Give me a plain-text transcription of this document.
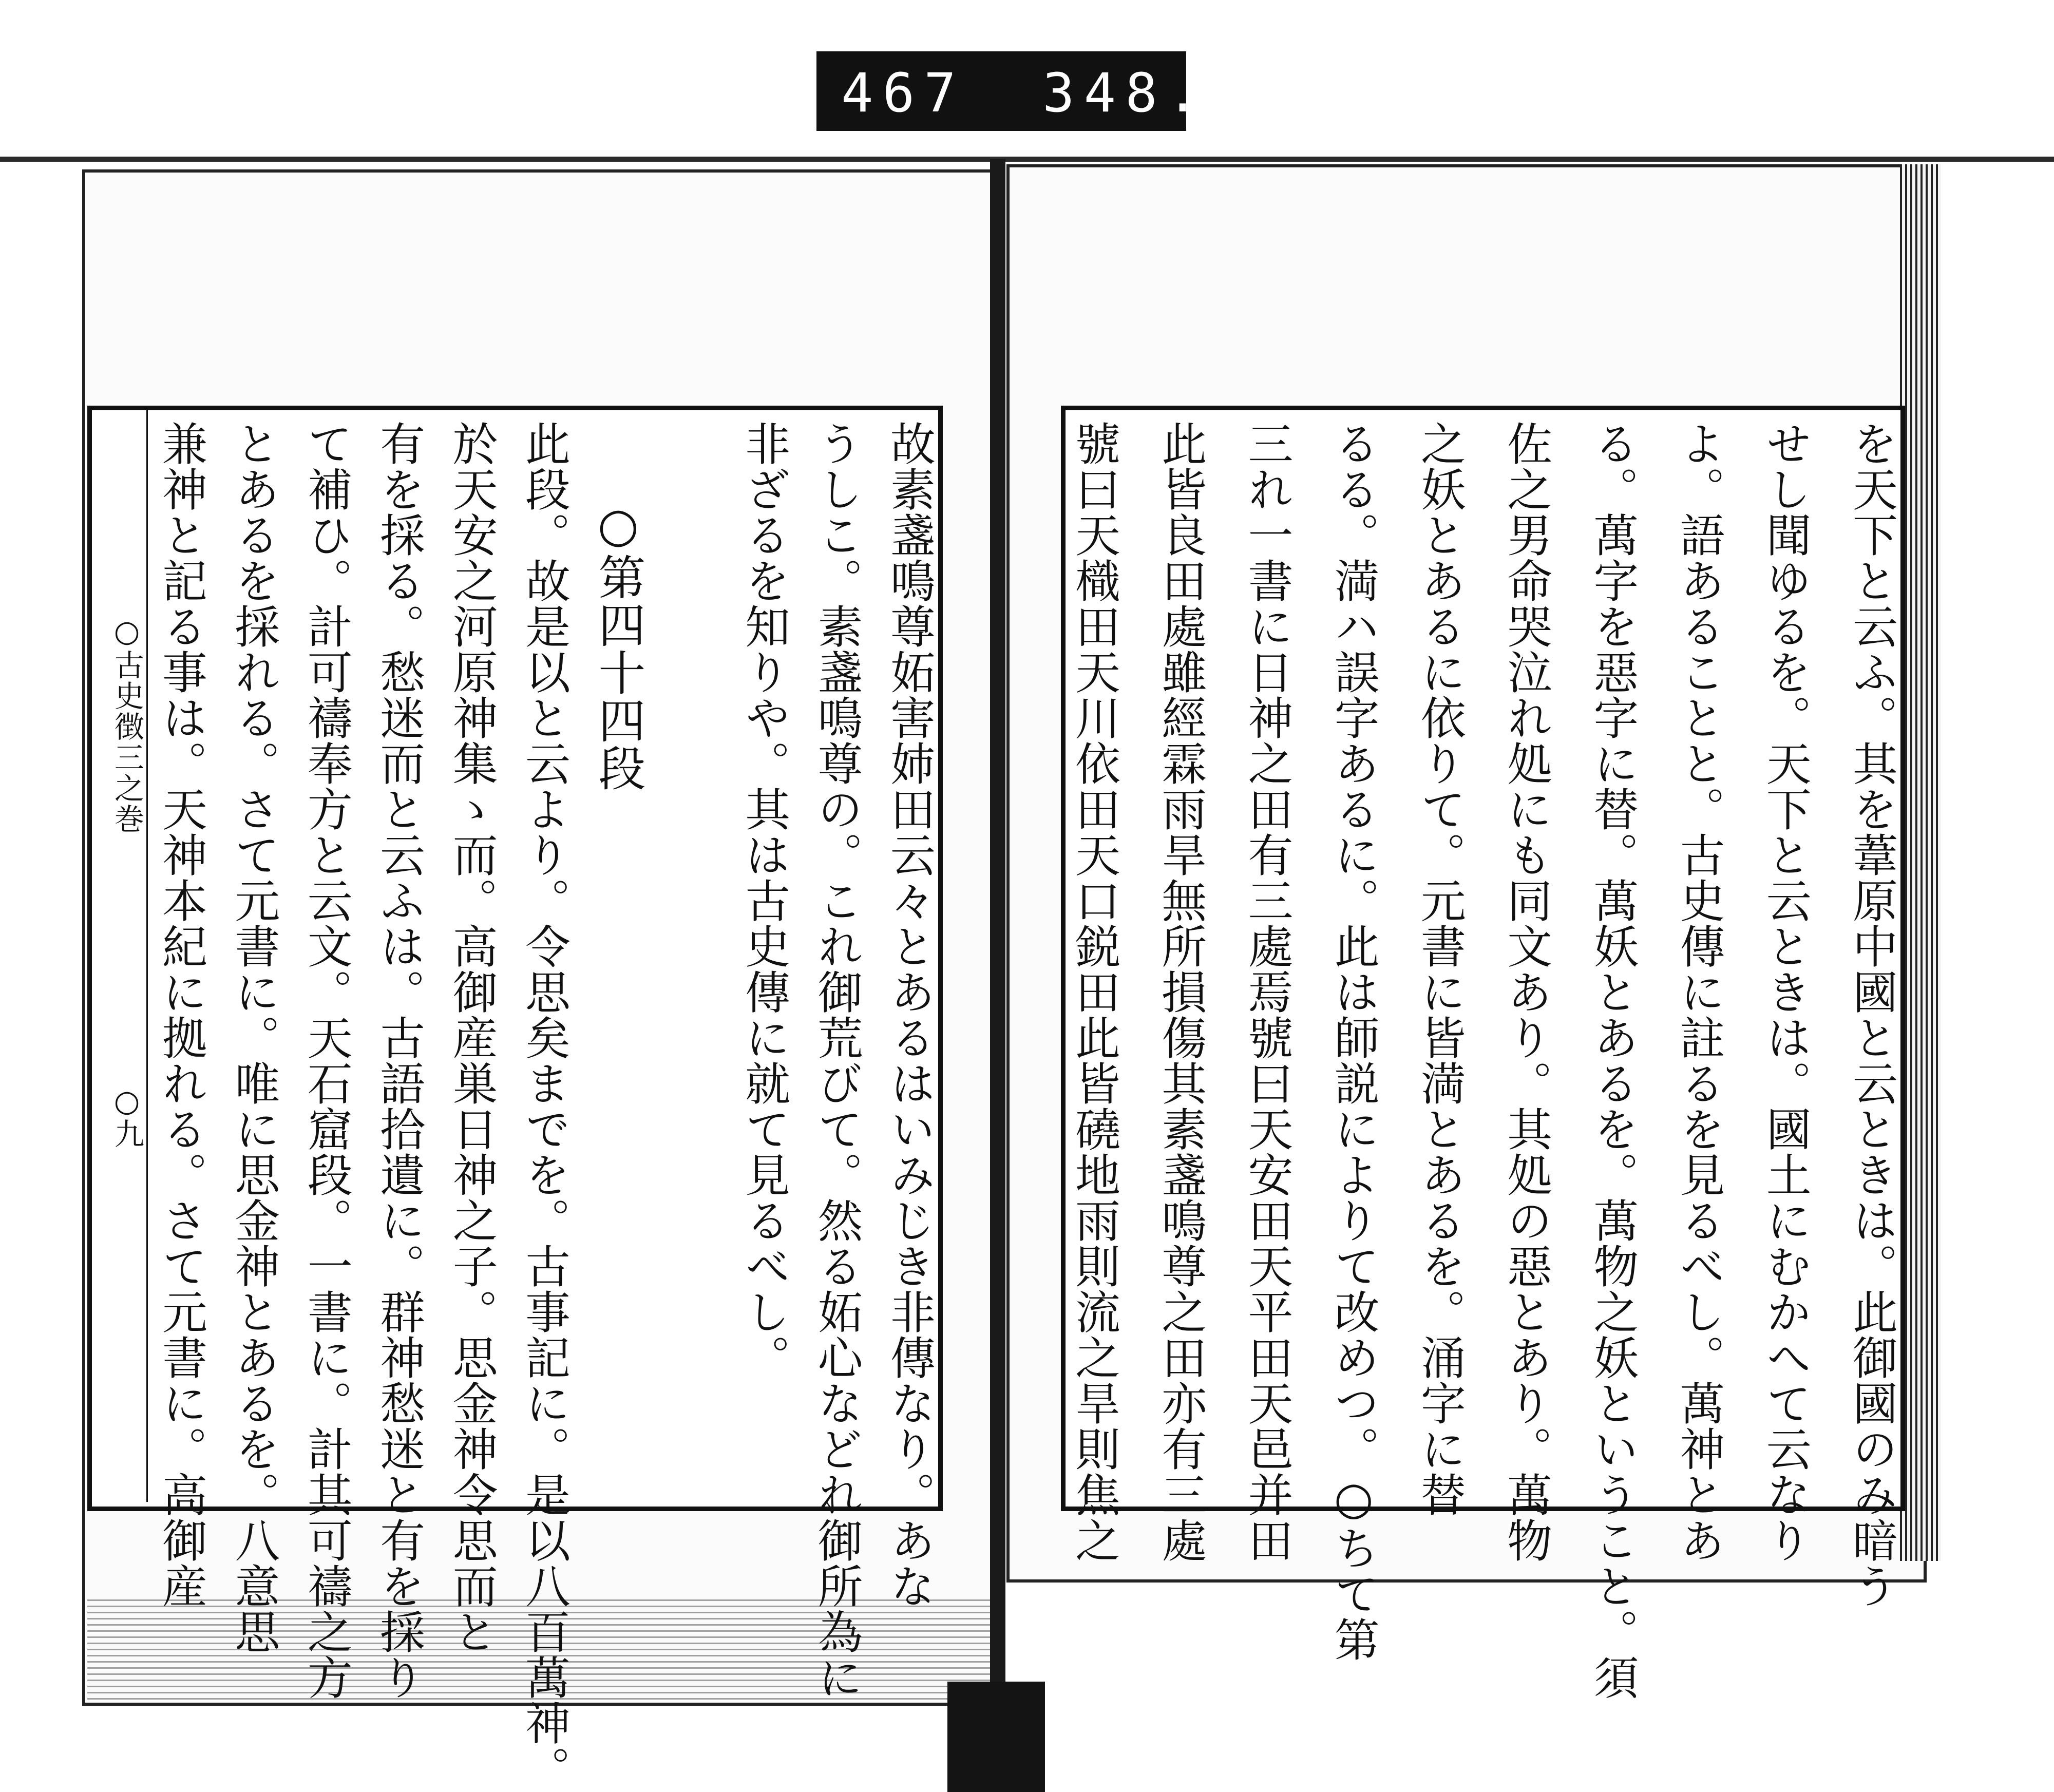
467 348.
故素盞鳴尊妬害姉田云々とあるはいみじき非傳なり。あな
うしこ。素盞鳴尊の。これ御荒びて。然る妬心などれ御所為に
非ざるを知りや。其は古史傳に就て見るべし。
○第四十四段
此段。故是以と云より。令思矣までを。古事記に。是以八百萬神。
於天安之河原神集ゝ而。高御産巣日神之子。思金神令思而と
有を採る。愁迷而と云ふは。古語拾遺に。群神愁迷と有を採り
て補ひ。計可禱奉方と云文。天石窟段。一書に。計其可禱之方
とあるを採れる。さて元書に。唯に思金神とあるを。八意思
兼神と記る事は。天神本紀に拠れる。さて元書に。高御産
○古史徴三之巻
○九	を天下と云ふ。其を葦原中國と云ときは。此御國のみ暗う
せし聞ゆるを。天下と云ときは。國土にむかへて云なり
よ。語あることと。古史傳に註るを見るべし。萬神とあ
る。萬字を惡字に替。萬妖とあるを。萬物之妖ということ。須
佐之男命哭泣れ処にも同文あり。其処の惡とあり。萬物
之妖とあるに依りて。元書に皆満とあるを。涌字に替
るる。満ハ誤字あるに。此は師説によりて改めつ。○ちて第
三れ一書に日神之田有三處焉號曰天安田天平田天邑并田
此皆良田處雖經霖雨旱無所損傷其素盞鳴尊之田亦有三處
號曰天樴田天川依田天口鋭田此皆磽地雨則流之旱則焦之
